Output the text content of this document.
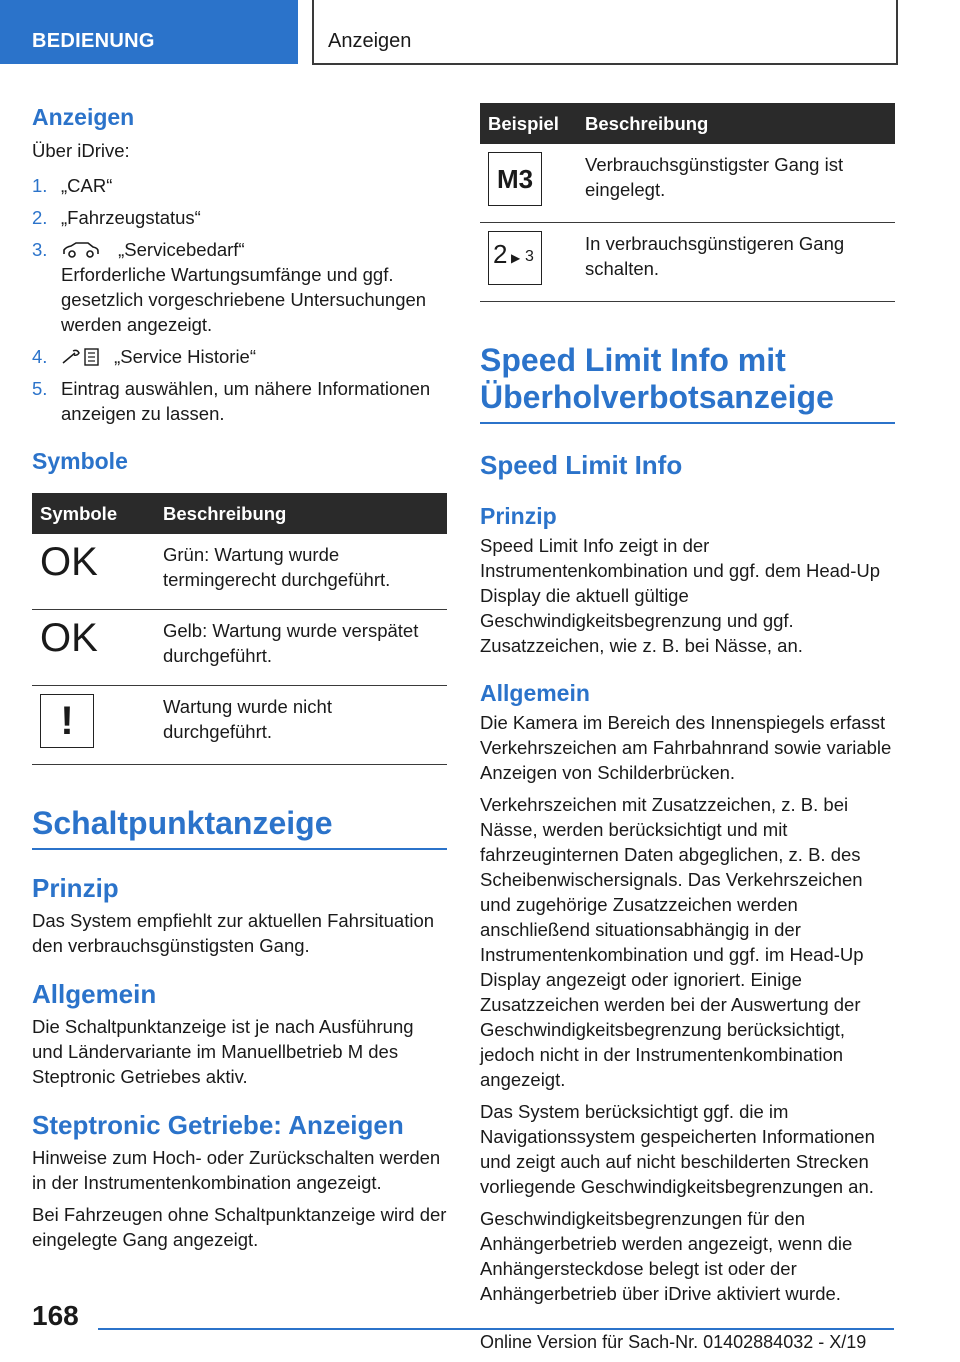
BEDIENUNG	Anzeigen
Anzeigen

Über iDrive:

1. „CAR“
2. „Fahrzeugstatus“
3.	„Servicebedarf“
Erforderliche Wartungsumfänge und ggf. gesetzlich vorgeschriebene Untersuchungen werden angezeigt.
4.	„Service Historie“
5. Eintrag auswählen, um nähere Informationen anzeigen zu lassen.
Symbole
Symbole	Beschreibung
OK	Grün: Wartung wurde termingerecht durchgeführt.
OK	Gelb: Wartung wurde verspätet durchgeführt.

!	Wartung wurde nicht durchgeführt.
Schaltpunktanzeige
Prinzip

Das System empfiehlt zur aktuellen Fahrsituation den verbrauchsgünstigsten Gang.

Allgemein

Die Schaltpunktanzeige ist je nach Ausführung und Ländervariante im Manuellbetrieb M des Steptronic Getriebes aktiv.

Steptronic Getriebe: Anzeigen

Hinweise zum Hoch- oder Zurückschalten werden in der Instrumentenkombination angezeigt.

Bei Fahrzeugen ohne Schaltpunktanzeige wird der eingelegte Gang angezeigt.

Beispiel	Beschreibung

M3	Verbrauchsgünstigster Gang ist eingelegt.

2 ▶ 3	In verbrauchsgünstigeren Gang schalten.
Speed Limit Info mit Überholverbotsanzeige
Speed Limit Info
Prinzip

Speed Limit Info zeigt in der Instrumentenkombination und ggf. dem Head-Up Display die aktuell gültige Geschwindigkeitsbegrenzung und ggf. Zusatzzeichen, wie z. B. bei Nässe, an.

Allgemein

Die Kamera im Bereich des Innenspiegels erfasst Verkehrszeichen am Fahrbahnrand sowie variable Anzeigen von Schilderbrücken.

Verkehrszeichen mit Zusatzzeichen, z. B. bei Nässe, werden berücksichtigt und mit fahrzeuginternen Daten abgeglichen, z. B. des Scheibenwischersignals. Das Verkehrszeichen und zugehörige Zusatzzeichen werden anschließend situationsabhängig in der Instrumentenkombination und ggf. im Head-Up Display angezeigt oder ignoriert. Einige Zusatzzeichen werden bei der Auswertung der Geschwindigkeitsbegrenzung berücksichtigt, jedoch nicht in der Instrumentenkombination angezeigt.

Das System berücksichtigt ggf. die im Navigationssystem gespeicherten Informationen und zeigt auch auf nicht beschilderten Strecken vorliegende Geschwindigkeitsbegrenzungen an.

Geschwindigkeitsbegrenzungen für den Anhängerbetrieb werden angezeigt, wenn die Anhängersteckdose belegt ist oder der Anhängerbetrieb über iDrive aktiviert wurde.

168
Online Version für Sach-Nr. 01402884032 - X/19
